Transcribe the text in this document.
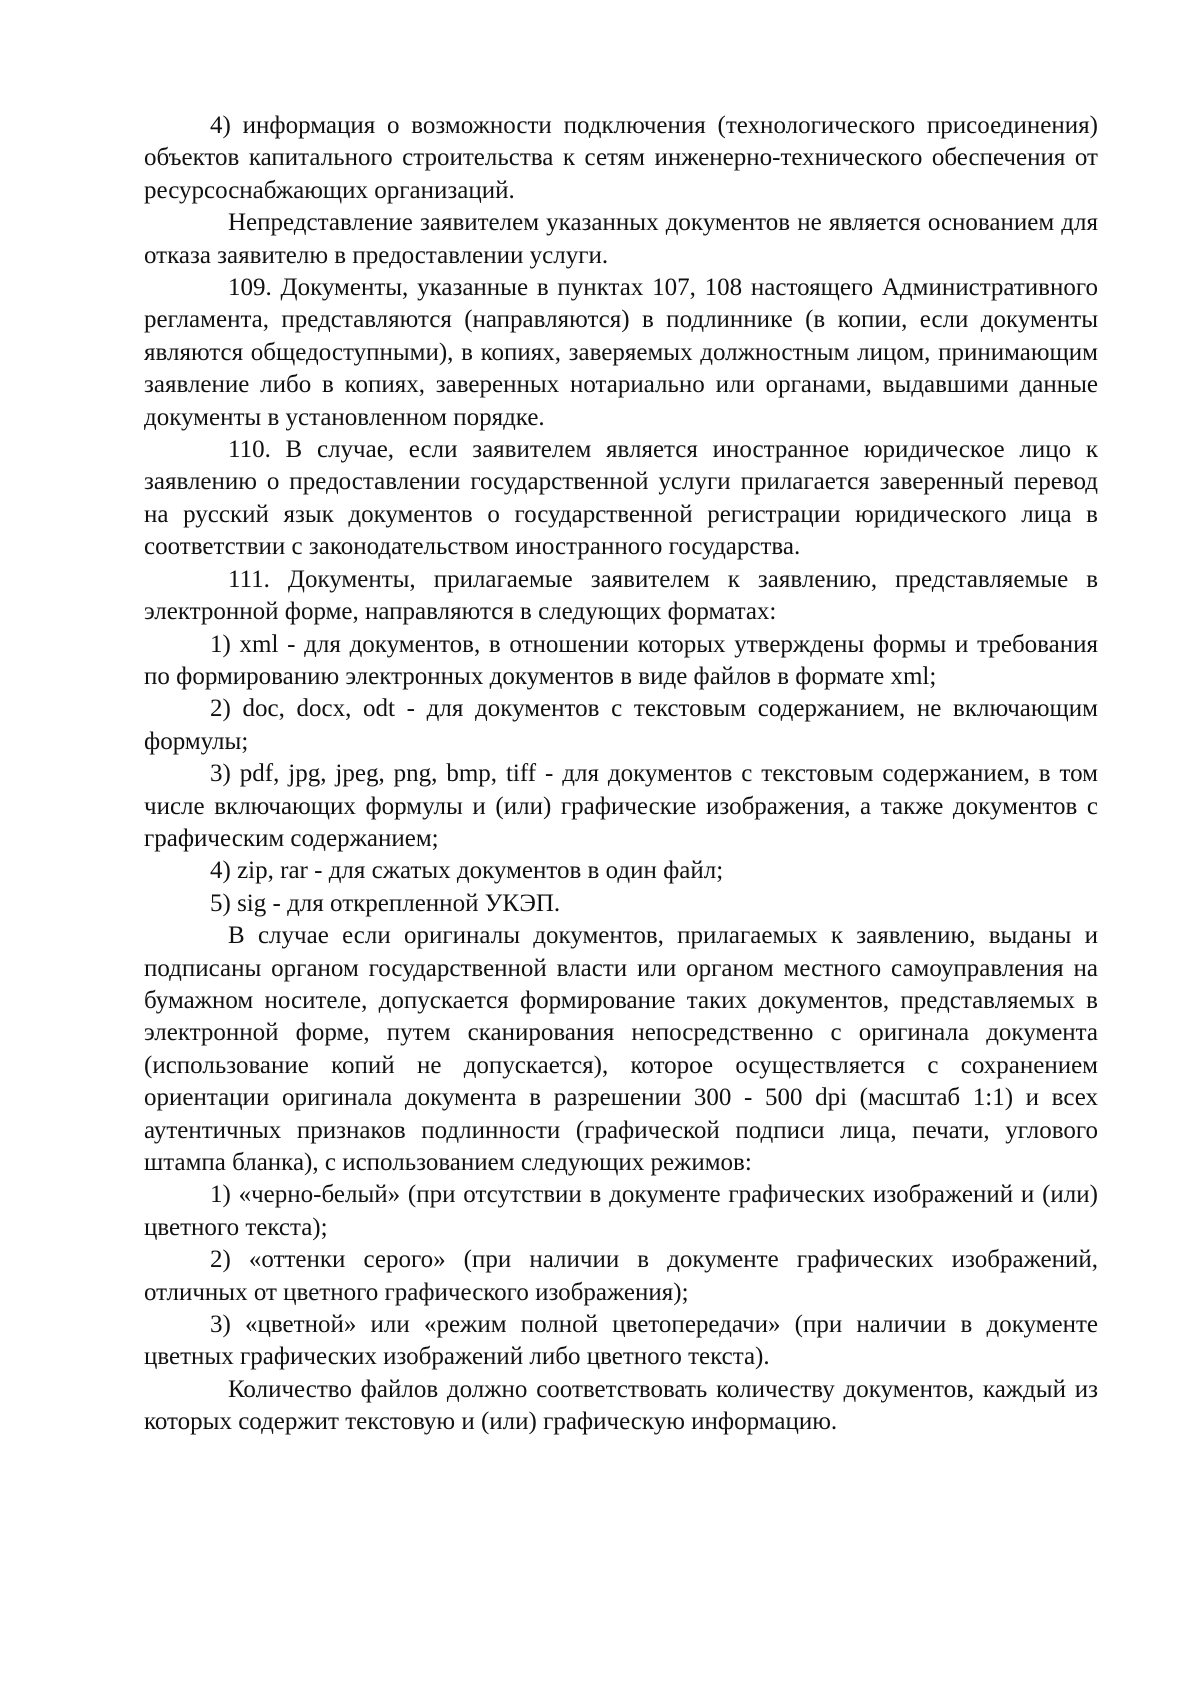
4) информация о возможности подключения (технологического присоединения) объектов капитального строительства к сетям инженерно-технического обеспечения от ресурсоснабжающих организаций.

Непредставление заявителем указанных документов не является основанием для отказа заявителю в предоставлении услуги.

109. Документы, указанные в пунктах 107, 108 настоящего Административного регламента, представляются (направляются) в подлиннике (в копии, если документы являются общедоступными), в копиях, заверяемых должностным лицом, принимающим заявление либо в копиях, заверенных нотариально или органами, выдавшими данные документы в установленном порядке.

110. В случае, если заявителем является иностранное юридическое лицо к заявлению о предоставлении государственной услуги прилагается заверенный перевод на русский язык документов о государственной регистрации юридического лица в соответствии с законодательством иностранного государства.

111. Документы, прилагаемые заявителем к заявлению, представляемые в электронной форме, направляются в следующих форматах:

1) xml - для документов, в отношении которых утверждены формы и требования по формированию электронных документов в виде файлов в формате xml;

2) doc, docx, odt - для документов с текстовым содержанием, не включающим формулы;

3) pdf, jpg, jpeg, png, bmp, tiff - для документов с текстовым содержанием, в том числе включающих формулы и (или) графические изображения, а также документов с графическим содержанием;

4) zip, rar - для сжатых документов в один файл;

5) sig - для открепленной УКЭП.

В случае если оригиналы документов, прилагаемых к заявлению, выданы и подписаны органом государственной власти или органом местного самоуправления на бумажном носителе, допускается формирование таких документов, представляемых в электронной форме, путем сканирования непосредственно с оригинала документа (использование копий не допускается), которое осуществляется с сохранением ориентации оригинала документа в разрешении 300 - 500 dpi (масштаб 1:1) и всех аутентичных признаков подлинности (графической подписи лица, печати, углового штампа бланка), с использованием следующих режимов:

1) «черно-белый» (при отсутствии в документе графических изображений и (или) цветного текста);

2) «оттенки серого» (при наличии в документе графических изображений, отличных от цветного графического изображения);

3) «цветной» или «режим полной цветопередачи» (при наличии в документе цветных графических изображений либо цветного текста).

Количество файлов должно соответствовать количеству документов, каждый из которых содержит текстовую и (или) графическую информацию.
